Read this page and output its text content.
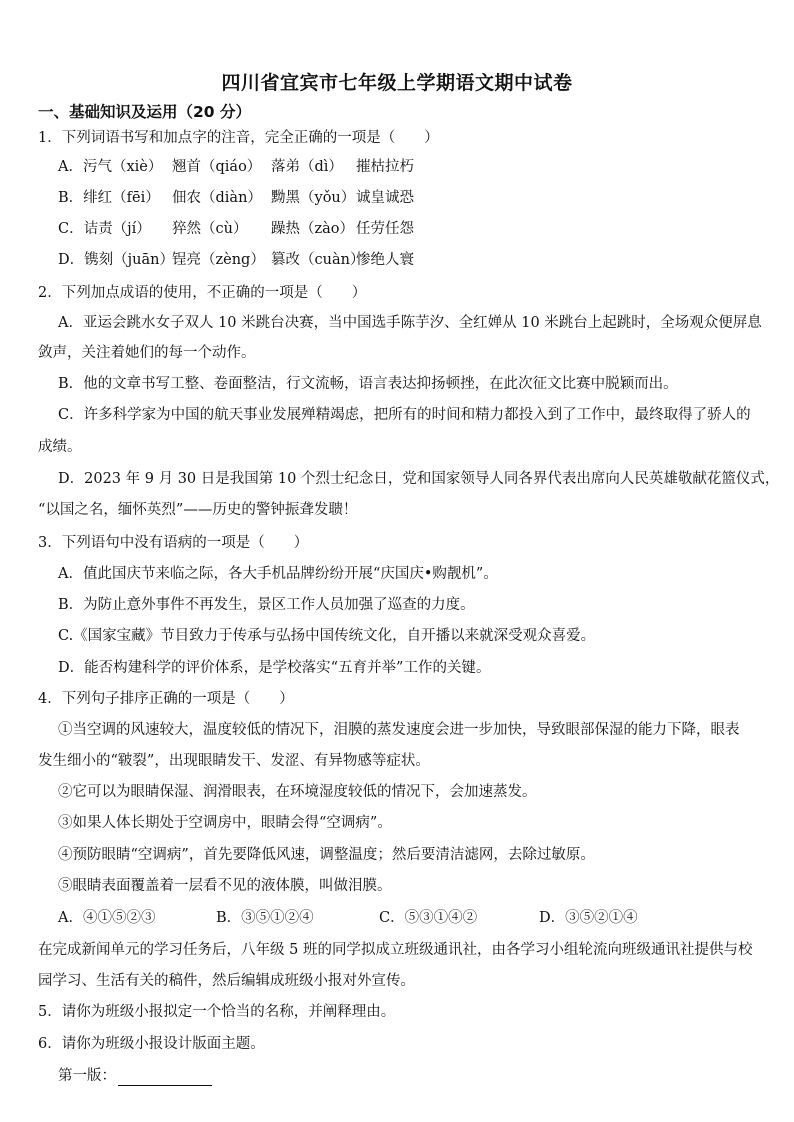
四川省宜宾市七年级上学期语文期中试卷
一、基础知识及运用（20 分）
1．下列词语书写和加点字的注音，完全正确的一项是（　　）
A．污气（xiè） 翘首（qiáo） 落弟（dì） 摧枯拉朽
B．绯红（fēi） 佃农（diàn） 黝黑（yǒu）诚皇诚恐
C．诘责（jí） 猝然（cù） 躁热（zào） 任劳任怨
D．镌刻（juān）锃亮（zèng） 篡改（cuàn）惨绝人寰
2．下列加点成语的使用，不正确的一项是（　　）
A．亚运会跳水女子双人 10 米跳台决赛，当中国选手陈芋汐、全红婵从 10 米跳台上起跳时，全场观众便屏息
敛声，关注着她们的每一个动作。
B．他的文章书写工整、卷面整洁，行文流畅，语言表达抑扬顿挫，在此次征文比赛中脱颖而出。
C．许多科学家为中国的航天事业发展殚精竭虑，把所有的时间和精力都投入到了工作中，最终取得了骄人的
成绩。
D．2023 年 9 月 30 日是我国第 10 个烈士纪念日，党和国家领导人同各界代表出席向人民英雄敬献花篮仪式，
“以国之名，缅怀英烈”——历史的警钟振聋发聩！
3．下列语句中没有语病的一项是（　　）
A．值此国庆节来临之际，各大手机品牌纷纷开展“庆国庆•购靓机”。
B．为防止意外事件不再发生，景区工作人员加强了巡查的力度。
C.《国家宝藏》节目致力于传承与弘扬中国传统文化，自开播以来就深受观众喜爱。
D．能否构建科学的评价体系，是学校落实“五育并举”工作的关键。
4．下列句子排序正确的一项是（　　）
①当空调的风速较大，温度较低的情况下，泪膜的蒸发速度会进一步加快，导致眼部保湿的能力下降，眼表
发生细小的“皲裂”，出现眼睛发干、发涩、有异物感等症状。
②它可以为眼睛保湿、润滑眼表，在环境湿度较低的情况下，会加速蒸发。
③如果人体长期处于空调房中，眼睛会得“空调病”。
④预防眼睛“空调病”，首先要降低风速，调整温度；然后要清洁滤网，去除过敏原。
⑤眼睛表面覆盖着一层看不见的液体膜，叫做泪膜。
A．④①⑤②③	B．③⑤①②④	C．⑤③①④②	D．③⑤②①④
在完成新闻单元的学习任务后，八年级 5 班的同学拟成立班级通讯社，由各学习小组轮流向班级通讯社提供与校
园学习、生活有关的稿件，然后编辑成班级小报对外宣传。
5．请你为班级小报拟定一个恰当的名称，并阐释理由。
6．请你为班级小报设计版面主题。
第一版：
